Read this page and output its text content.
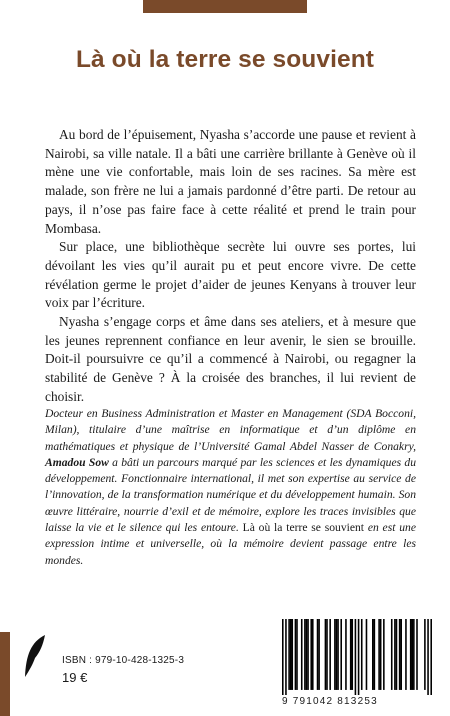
Là où la terre se souvient

Au bord de l’épuisement, Nyasha s’accorde une pause et revient à Nairobi, sa ville natale. Il a bâti une carrière brillante à Genève où il mène une vie confortable, mais loin de ses racines. Sa mère est malade, son frère ne lui a jamais pardonné d’être parti. De retour au pays, il n’ose pas faire face à cette réalité et prend le train pour Mombasa.

Sur place, une bibliothèque secrète lui ouvre ses portes, lui dévoilant les vies qu’il aurait pu et peut encore vivre. De cette révélation germe le projet d’aider de jeunes Kenyans à trouver leur voix par l’écriture.

Nyasha s’engage corps et âme dans ses ateliers, et à mesure que les jeunes reprennent confiance en leur avenir, le sien se brouille. Doit-il poursuivre ce qu’il a commencé à Nairobi, ou regagner la stabilité de Genève ? À la croisée des branches, il lui revient de choisir.

Docteur en Business Administration et Master en Management (SDA Bocconi, Milan), titulaire d’une maîtrise en informatique et d’un diplôme en mathématiques et physique de l’Université Gamal Abdel Nasser de Conakry, Amadou Sow a bâti un parcours marqué par les sciences et les dynamiques du développement. Fonctionnaire international, il met son expertise au service de l’innovation, de la transformation numérique et du développement humain. Son œuvre littéraire, nourrie d’exil et de mémoire, explore les traces invisibles que laisse la vie et le silence qui les entoure. Là où la terre se souvient en est une expression intime et universelle, où la mémoire devient passage entre les mondes.

ISBN : 979-10-428-1325-3

19 €

9 791042 813253
